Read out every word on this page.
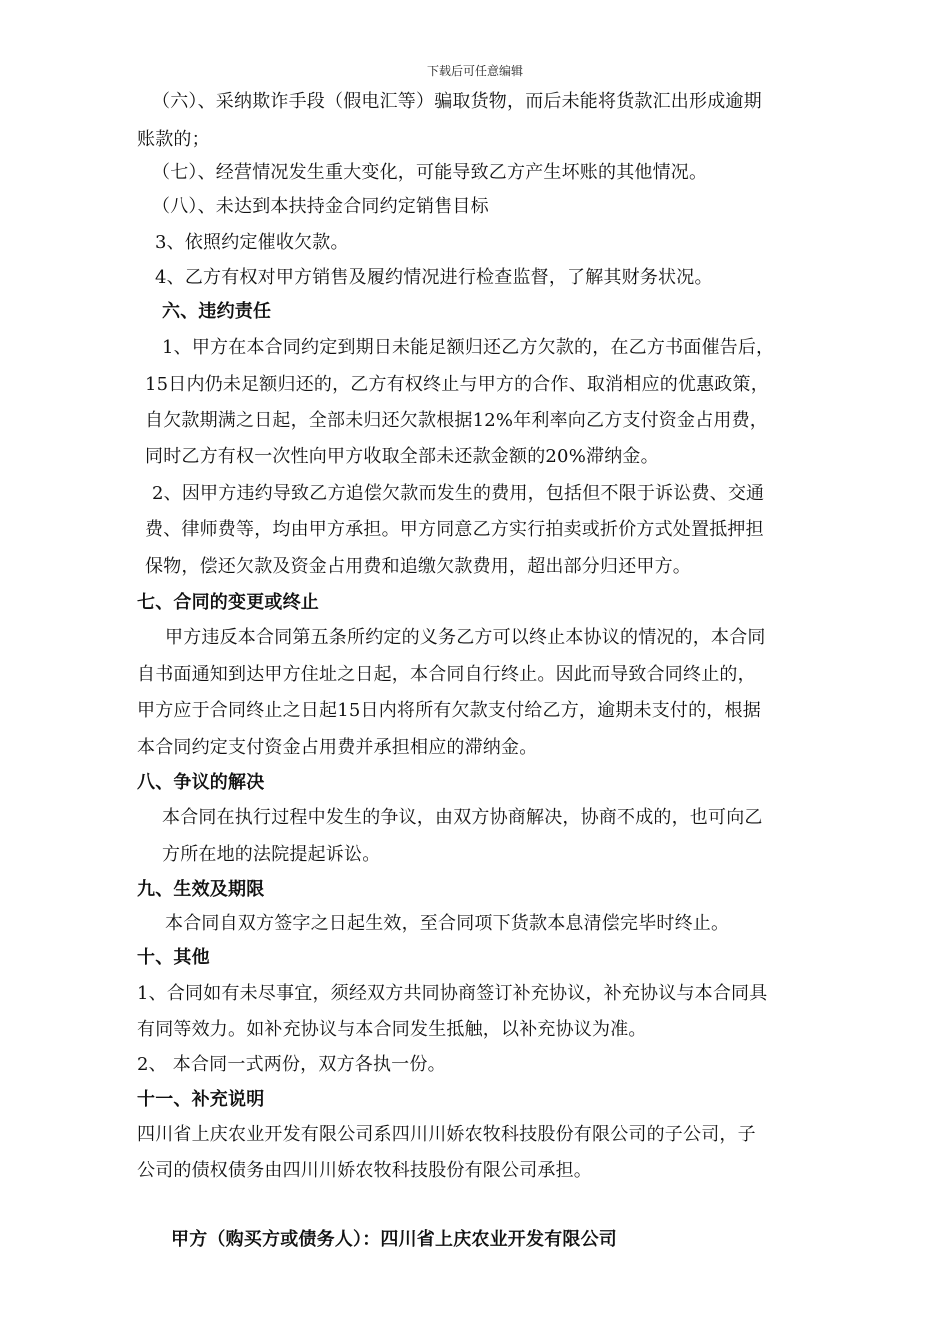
下载后可任意编辑
（六）、采纳欺诈手段（假电汇等）骗取货物，而后未能将货款汇出形成逾期
账款的；
（七）、经营情况发生重大变化，可能导致乙方产生坏账的其他情况。
（八）、未达到本扶持金合同约定销售目标
3、依照约定催收欠款。
4、乙方有权对甲方销售及履约情况进行检查监督，了解其财务状况。
六、违约责任
1、甲方在本合同约定到期日未能足额归还乙方欠款的，在乙方书面催告后，
15日内仍未足额归还的，乙方有权终止与甲方的合作、取消相应的优惠政策，
自欠款期满之日起，全部未归还欠款根据12%年利率向乙方支付资金占用费，
同时乙方有权一次性向甲方收取全部未还款金额的20%滞纳金。
2、因甲方违约导致乙方追偿欠款而发生的费用，包括但不限于诉讼费、交通
费、律师费等，均由甲方承担。甲方同意乙方实行拍卖或折价方式处置抵押担
保物，偿还欠款及资金占用费和追缴欠款费用，超出部分归还甲方。
七、合同的变更或终止
甲方违反本合同第五条所约定的义务乙方可以终止本协议的情况的，本合同
自书面通知到达甲方住址之日起，本合同自行终止。因此而导致合同终止的，
甲方应于合同终止之日起15日内将所有欠款支付给乙方，逾期未支付的，根据
本合同约定支付资金占用费并承担相应的滞纳金。
八、争议的解决
本合同在执行过程中发生的争议，由双方协商解决，协商不成的，也可向乙
方所在地的法院提起诉讼。
九、生效及期限
本合同自双方签字之日起生效，至合同项下货款本息清偿完毕时终止。
十、其他
1、合同如有未尽事宜，须经双方共同协商签订补充协议，补充协议与本合同具
有同等效力。如补充协议与本合同发生抵触，以补充协议为准。
2、 本合同一式两份，双方各执一份。
十一、补充说明
四川省上庆农业开发有限公司系四川川娇农牧科技股份有限公司的子公司，子
公司的债权债务由四川川娇农牧科技股份有限公司承担。
甲方（购买方或债务人）：四川省上庆农业开发有限公司
